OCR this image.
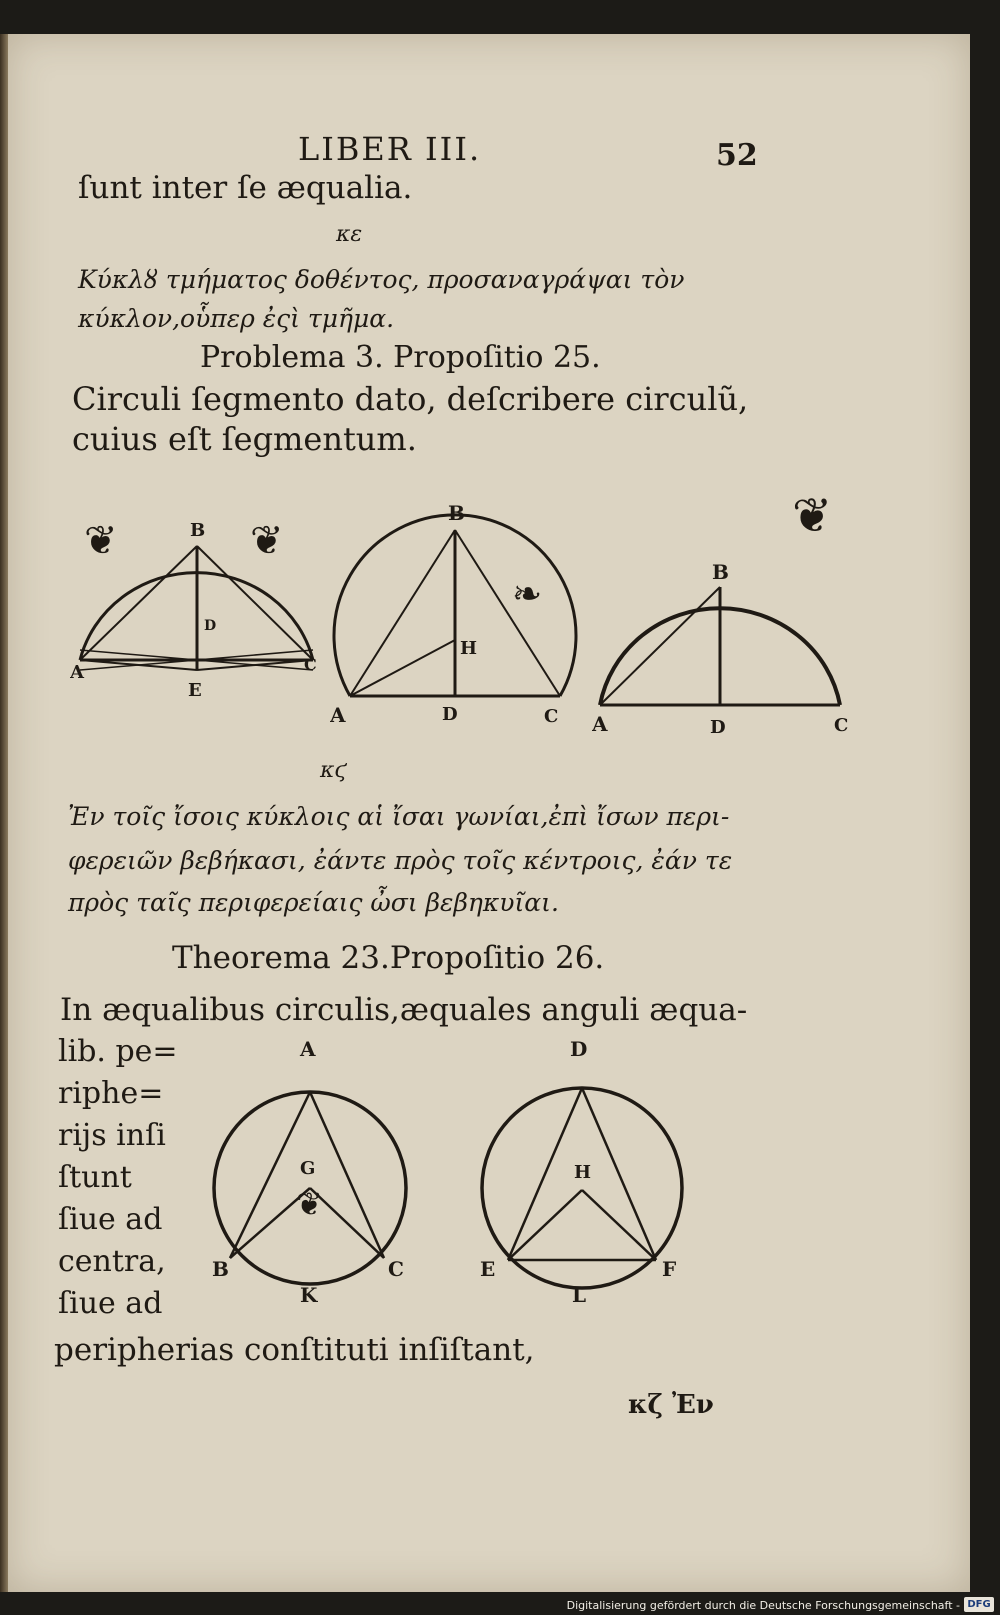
LIBER III.	52
ſunt inter ſe æqualia.
κε
Κύκλȣ τμήματος δοθέντος, προσαναγράψαι τὸν
κύκλον,οὗπερ ἐςὶ τμῆμα.
Problema 3. Propoſitio 25.
Circuli ſegmento dato, deſcribere circulũ,
cuius eſt ſegmentum.
❦	❦	❦
B
D
A
E
C
B
H
A	D	C
❧
B
A	D	C
κϛ
Ἐν τοῖς ἴσοις κύκλοις αἱ ἴσαι γωνίαι,ἐπὶ ἴσων περι-
φερειῶν βεβήκασι, ἐάντε πρὸς τοῖς κέντροις, ἐάν τε
πρὸς ταῖς περιφερείαις ὦσι βεβηκυῖαι.
Theorema 23.Propoſitio 26.
In æqualibus circulis,æquales anguli æqua-
lib. pe=
riphe=
rijs inſi
ſtunt
ſiue ad
centra,
ſiue ad
peripherias conſtituti inſiſtant,
A
G
B	C
K
❦
D
H
E	F
L
κζ Ἐν
Digitalisierung gefördert durch die Deutsche Forschungsgemeinschaft - DFG
